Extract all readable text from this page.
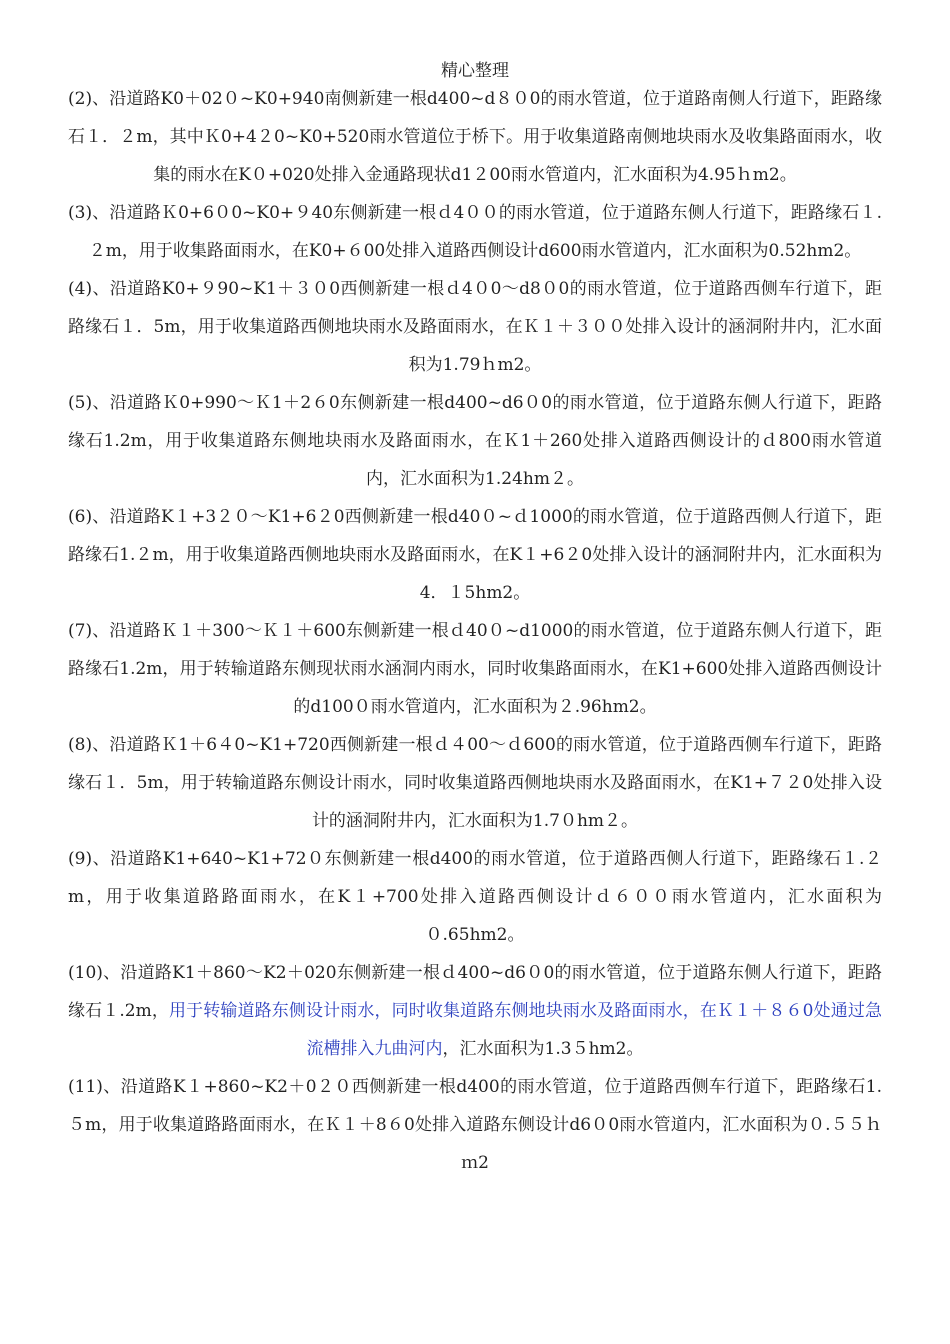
精心整理

(2)、沿道路K0＋02０~K0+940南侧新建一根d400~d８０0的雨水管道，位于道路南侧人行道下，距路缘石１．２m，其中Ｋ0+4２0~K0+520雨水管道位于桥下。用于收集道路南侧地块雨水及收集路面雨水，收集的雨水在K０+020处排入金通路现状d1２00雨水管道内，汇水面积为4.95ｈm2。

(3)、沿道路Ｋ0+6０0~K0+９40东侧新建一根ｄ4００的雨水管道，位于道路东侧人行道下，距路缘石１.２m，用于收集路面雨水，在K0+６00处排入道路西侧设计d600雨水管道内，汇水面积为0.52hm2。

(4)、沿道路K0+９90~K1＋３０0西侧新建一根ｄ4０0～d8０0的雨水管道，位于道路西侧车行道下，距路缘石１．5m，用于收集道路西侧地块雨水及路面雨水，在Ｋ１＋３００处排入设计的涵洞附井内，汇水面积为1.79ｈm2。

(5)、沿道路Ｋ0+990～Ｋ1＋2６0东侧新建一根d400~d6０0的雨水管道，位于道路东侧人行道下，距路缘石1.2m，用于收集道路东侧地块雨水及路面雨水，在Ｋ1＋260处排入道路西侧设计的ｄ800雨水管道内，汇水面积为1.24hm２。

(6)、沿道路K１+3２０～K1+6２0西侧新建一根d40０~ｄ1000的雨水管道，位于道路西侧人行道下，距路缘石1.２m，用于收集道路西侧地块雨水及路面雨水，在K１+6２0处排入设计的涵洞附井内，汇水面积为4．１5hm2。

(7)、沿道路Ｋ１＋300～Ｋ１＋600东侧新建一根ｄ40０~d1000的雨水管道，位于道路东侧人行道下，距路缘石1.2m，用于转输道路东侧现状雨水涵洞内雨水，同时收集路面雨水，在K1+600处排入道路西侧设计的d100０雨水管道内，汇水面积为２.96hm2。

(8)、沿道路Ｋ1＋6４0~K1+720西侧新建一根ｄ４00～ｄ600的雨水管道，位于道路西侧车行道下，距路缘石１．5m，用于转输道路东侧设计雨水，同时收集道路西侧地块雨水及路面雨水，在K1+７２0处排入设计的涵洞附井内，汇水面积为1.7０hm２。

(9)、沿道路K1+640~K1+72０东侧新建一根d400的雨水管道，位于道路西侧人行道下，距路缘石１.２m，用于收集道路路面雨水，在K１+700处排入道路西侧设计ｄ６００雨水管道内，汇水面积为０.65hm2。

(10)、沿道路K1＋860～K2＋020东侧新建一根ｄ400~d6０0的雨水管道，位于道路东侧人行道下，距路缘石１.2m，用于转输道路东侧设计雨水，同时收集道路东侧地块雨水及路面雨水，在Ｋ１＋８６0处通过急流槽排入九曲河内，汇水面积为1.3５hm2。

(11)、沿道路K１+860~K2＋0２０西侧新建一根d400的雨水管道，位于道路西侧车行道下，距路缘石1.５m，用于收集道路路面雨水，在Ｋ１＋8６0处排入道路东侧设计d6０0雨水管道内，汇水面积为０.５５ｈｍ2
